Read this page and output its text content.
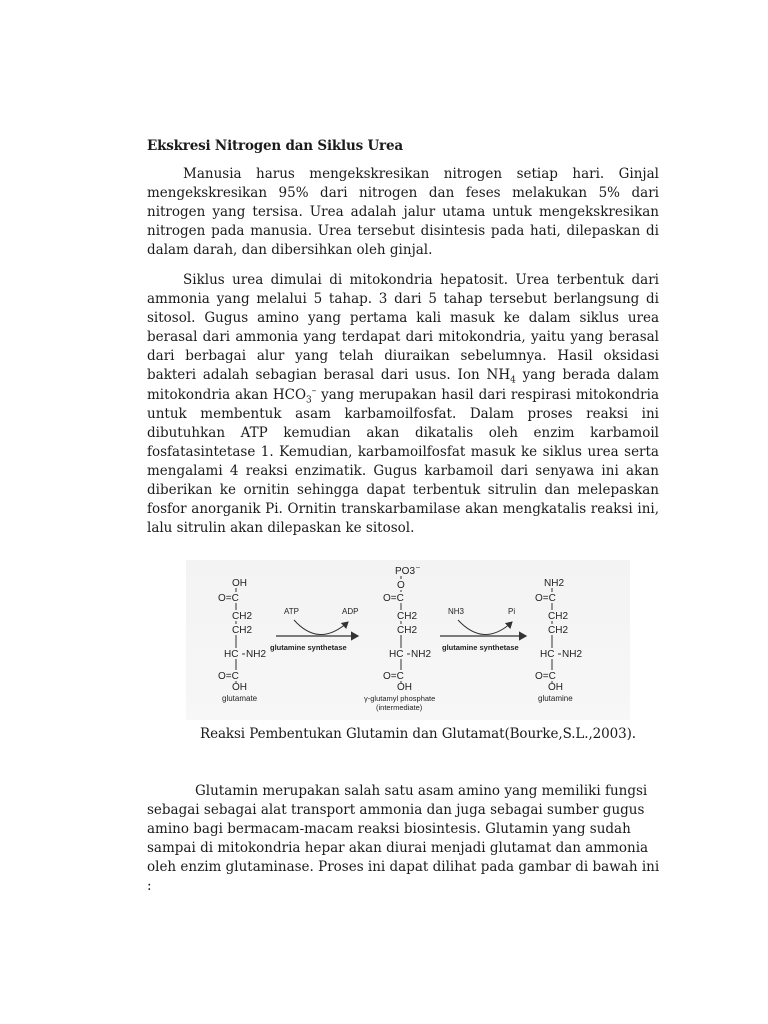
Ekskresi Nitrogen dan Siklus Urea

Manusia harus mengekskresikan nitrogen setiap hari. Ginjal mengekskresikan 95% dari nitrogen dan feses melakukan 5% dari nitrogen yang tersisa. Urea adalah jalur utama untuk mengekskresikan nitrogen pada manusia. Urea tersebut disintesis pada hati, dilepaskan di dalam darah, dan dibersihkan oleh ginjal.

Siklus urea dimulai di mitokondria hepatosit. Urea terbentuk dari ammonia yang melalui 5 tahap. 3 dari 5 tahap tersebut berlangsung di sitosol. Gugus amino yang pertama kali masuk ke dalam siklus urea berasal dari ammonia yang terdapat dari mitokondria, yaitu yang berasal dari berbagai alur yang telah diuraikan sebelumnya. Hasil oksidasi bakteri adalah sebagian berasal dari usus. Ion $NH_4$ yang berada dalam mitokondria akan $HCO_3^-$ yang merupakan hasil dari respirasi mitokondria untuk membentuk asam karbamoilfosfat. Dalam proses reaksi ini dibutuhkan ATP kemudian akan dikatalis oleh enzim karbamoil fosfatasintetase 1. Kemudian, karbamoilfosfat masuk ke siklus urea serta mengalami 4 reaksi enzimatik. Gugus karbamoil dari senyawa ini akan diberikan ke ornitin sehingga dapat terbentuk sitrulin dan melepaskan fosfor anorganik Pi. Ornitin transkarbamilase akan mengkatalis reaksi ini, lalu sitrulin akan dilepaskan ke sitosol.

OH
O=C
CH2
CH2
HC NH2
O=C
OH
glutamate
ATP	ADP
glutamine synthetase
PO3 –
O
O=C
CH2
CH2
HC NH2
O=C
OH
γ-glutamyl phosphate
(intermediate)
NH3	Pi
glutamine synthetase
NH2
O=C
CH2
CH2
HC NH2
O=C
OH
glutamine
Reaksi Pembentukan Glutamin dan Glutamat(Bourke,S.L.,2003).

Glutamin merupakan salah satu asam amino yang memiliki fungsi sebagai sebagai alat transport ammonia dan juga sebagai sumber gugus amino bagi bermacam-macam reaksi biosintesis. Glutamin yang sudah sampai di mitokondria hepar akan diurai menjadi glutamat dan ammonia oleh enzim glutaminase. Proses ini dapat dilihat pada gambar di bawah ini :
